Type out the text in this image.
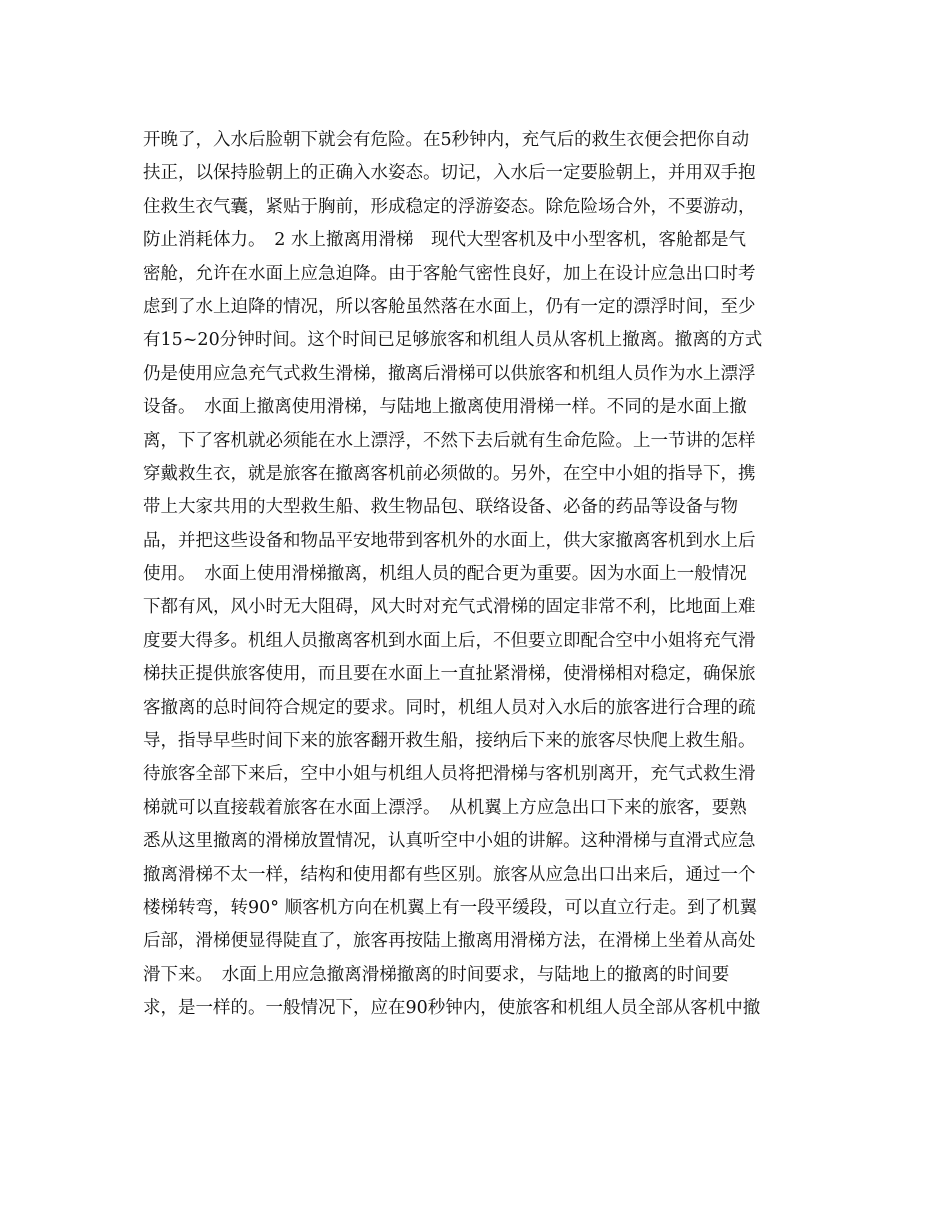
开晚了，入水后脸朝下就会有危险。在5秒钟内，充气后的救生衣便会把你自动
扶正，以保持脸朝上的正确入水姿态。切记，入水后一定要脸朝上，并用双手抱
住救生衣气囊，紧贴于胸前，形成稳定的浮游姿态。除危险场合外，不要游动，
防止消耗体力。　2 水上撤离用滑梯　现代大型客机及中小型客机，客舱都是气
密舱，允许在水面上应急迫降。由于客舱气密性良好，加上在设计应急出口时考
虑到了水上迫降的情况，所以客舱虽然落在水面上，仍有一定的漂浮时间，至少
有15~20分钟时间。这个时间已足够旅客和机组人员从客机上撤离。撤离的方式
仍是使用应急充气式救生滑梯，撤离后滑梯可以供旅客和机组人员作为水上漂浮
设备。　水面上撤离使用滑梯，与陆地上撤离使用滑梯一样。不同的是水面上撤
离，下了客机就必须能在水上漂浮，不然下去后就有生命危险。上一节讲的怎样
穿戴救生衣，就是旅客在撤离客机前必须做的。另外，在空中小姐的指导下，携
带上大家共用的大型救生船、救生物品包、联络设备、必备的药品等设备与物
品，并把这些设备和物品平安地带到客机外的水面上，供大家撤离客机到水上后
使用。　水面上使用滑梯撤离，机组人员的配合更为重要。因为水面上一般情况
下都有风，风小时无大阻碍，风大时对充气式滑梯的固定非常不利，比地面上难
度要大得多。机组人员撤离客机到水面上后，不但要立即配合空中小姐将充气滑
梯扶正提供旅客使用，而且要在水面上一直扯紧滑梯，使滑梯相对稳定，确保旅
客撤离的总时间符合规定的要求。同时，机组人员对入水后的旅客进行合理的疏
导，指导早些时间下来的旅客翻开救生船，接纳后下来的旅客尽快爬上救生船。
待旅客全部下来后，空中小姐与机组人员将把滑梯与客机别离开，充气式救生滑
梯就可以直接载着旅客在水面上漂浮。　从机翼上方应急出口下来的旅客，要熟
悉从这里撤离的滑梯放置情况，认真听空中小姐的讲解。这种滑梯与直滑式应急
撤离滑梯不太一样，结构和使用都有些区别。旅客从应急出口出来后，通过一个
楼梯转弯，转90° 顺客机方向在机翼上有一段平缓段，可以直立行走。到了机翼
后部，滑梯便显得陡直了，旅客再按陆上撤离用滑梯方法，在滑梯上坐着从高处
滑下来。　水面上用应急撤离滑梯撤离的时间要求，与陆地上的撤离的时间要
求，是一样的。一般情况下，应在90秒钟内，使旅客和机组人员全部从客机中撤
